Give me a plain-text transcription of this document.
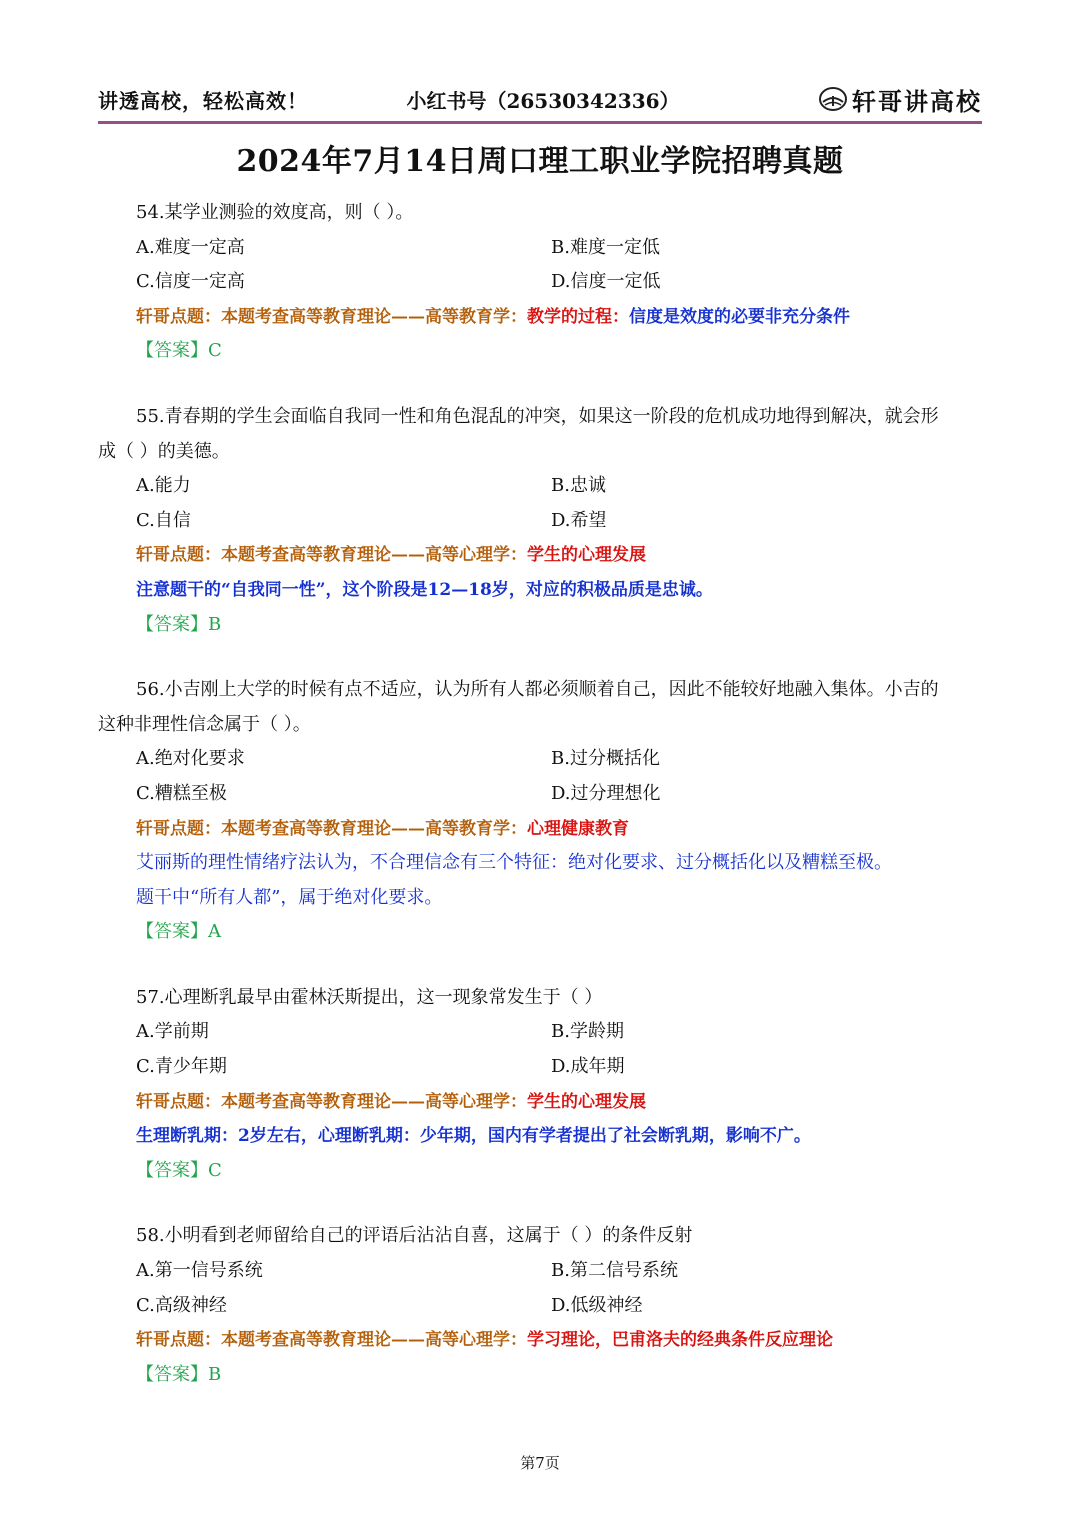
讲透高校，轻松高效！	小红书号（26530342336）	轩哥讲高校
2024年7月14日周口理工职业学院招聘真题
54.某学业测验的效度高，则（ ）。
A.难度一定高	B.难度一定低
C.信度一定高	D.信度一定低
轩哥点题：本题考查高等教育理论——高等教育学：教学的过程：信度是效度的必要非充分条件
【答案】C
55.青春期的学生会面临自我同一性和角色混乱的冲突，如果这一阶段的危机成功地得到解决，就会形
成（ ）的美德。
A.能力	B.忠诚
C.自信	D.希望
轩哥点题：本题考查高等教育理论——高等心理学：学生的心理发展
注意题干的“自我同一性”，这个阶段是12—18岁，对应的积极品质是忠诚。
【答案】B
56.小吉刚上大学的时候有点不适应，认为所有人都必须顺着自己，因此不能较好地融入集体。小吉的
这种非理性信念属于（ ）。
A.绝对化要求	B.过分概括化
C.糟糕至极	D.过分理想化
轩哥点题：本题考查高等教育理论——高等教育学：心理健康教育
艾丽斯的理性情绪疗法认为，不合理信念有三个特征：绝对化要求、过分概括化以及糟糕至极。
题干中“所有人都”，属于绝对化要求。
【答案】A
57.心理断乳最早由霍林沃斯提出，这一现象常发生于（ ）
A.学前期	B.学龄期
C.青少年期	D.成年期
轩哥点题：本题考查高等教育理论——高等心理学：学生的心理发展
生理断乳期：2岁左右，心理断乳期：少年期，国内有学者提出了社会断乳期，影响不广。
【答案】C
58.小明看到老师留给自己的评语后沾沾自喜，这属于（ ）的条件反射
A.第一信号系统	B.第二信号系统
C.高级神经	D.低级神经
轩哥点题：本题考查高等教育理论——高等心理学：学习理论，巴甫洛夫的经典条件反应理论
【答案】B
第7页
